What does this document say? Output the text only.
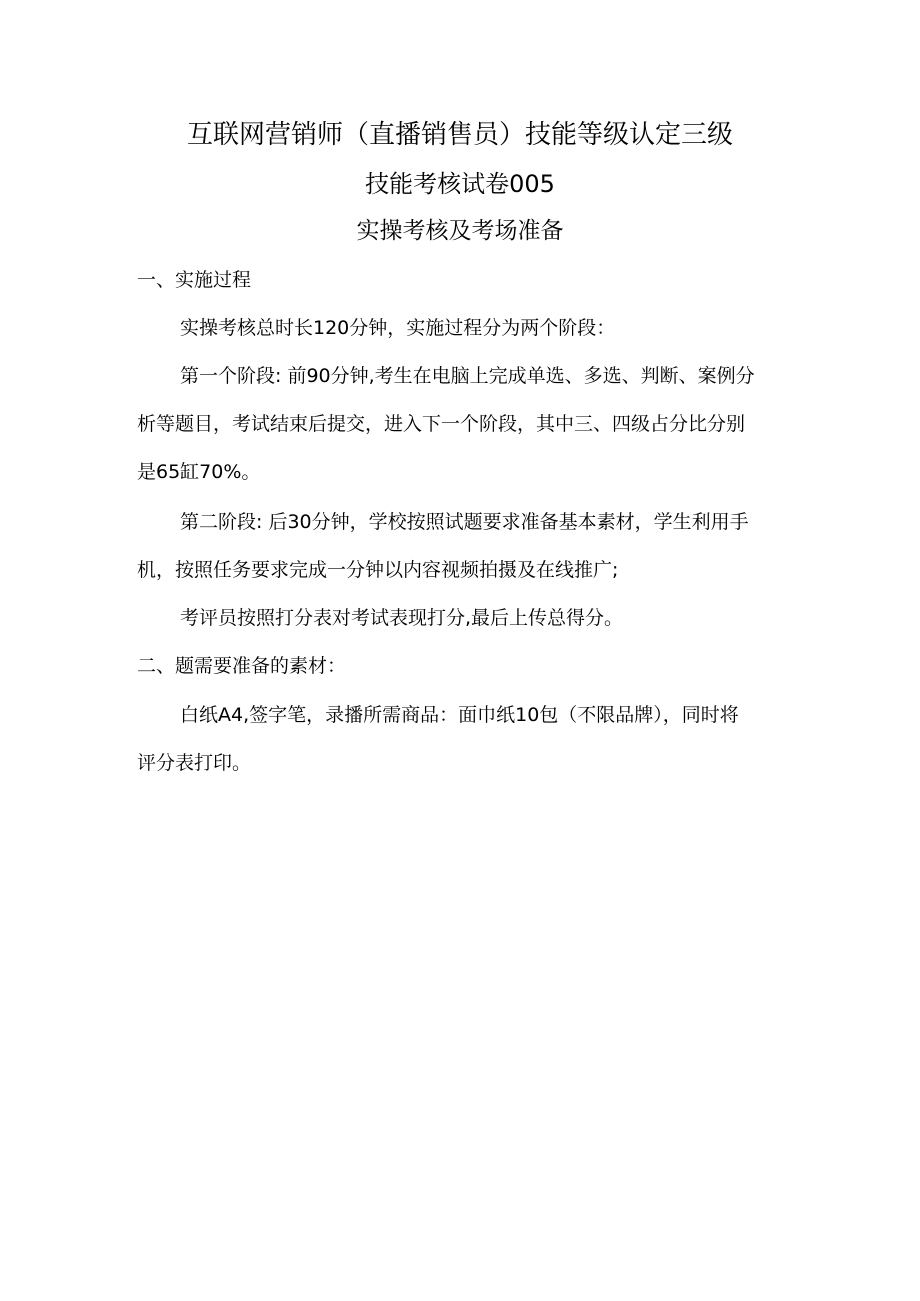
互联网营销师（直播销售员）技能等级认定三级
技能考核试卷005
实操考核及考场准备
一、实施过程
实操考核总时长120分钟，实施过程分为两个阶段：
第一个阶段: 前90分钟,考生在电脑上完成单选、多选、判断、案例分
析等题目，考试结束后提交，进入下一个阶段，其中三、四级占分比分别
是65缸70%。
第二阶段: 后30分钟，学校按照试题要求准备基本素材，学生利用手
机，按照任务要求完成一分钟以内容视频拍摄及在线推广;
考评员按照打分表对考试表现打分,最后上传总得分。
二、题需要准备的素材：
白纸A4,签字笔，录播所需商品：面巾纸10包（不限品牌），同时将
评分表打印。
